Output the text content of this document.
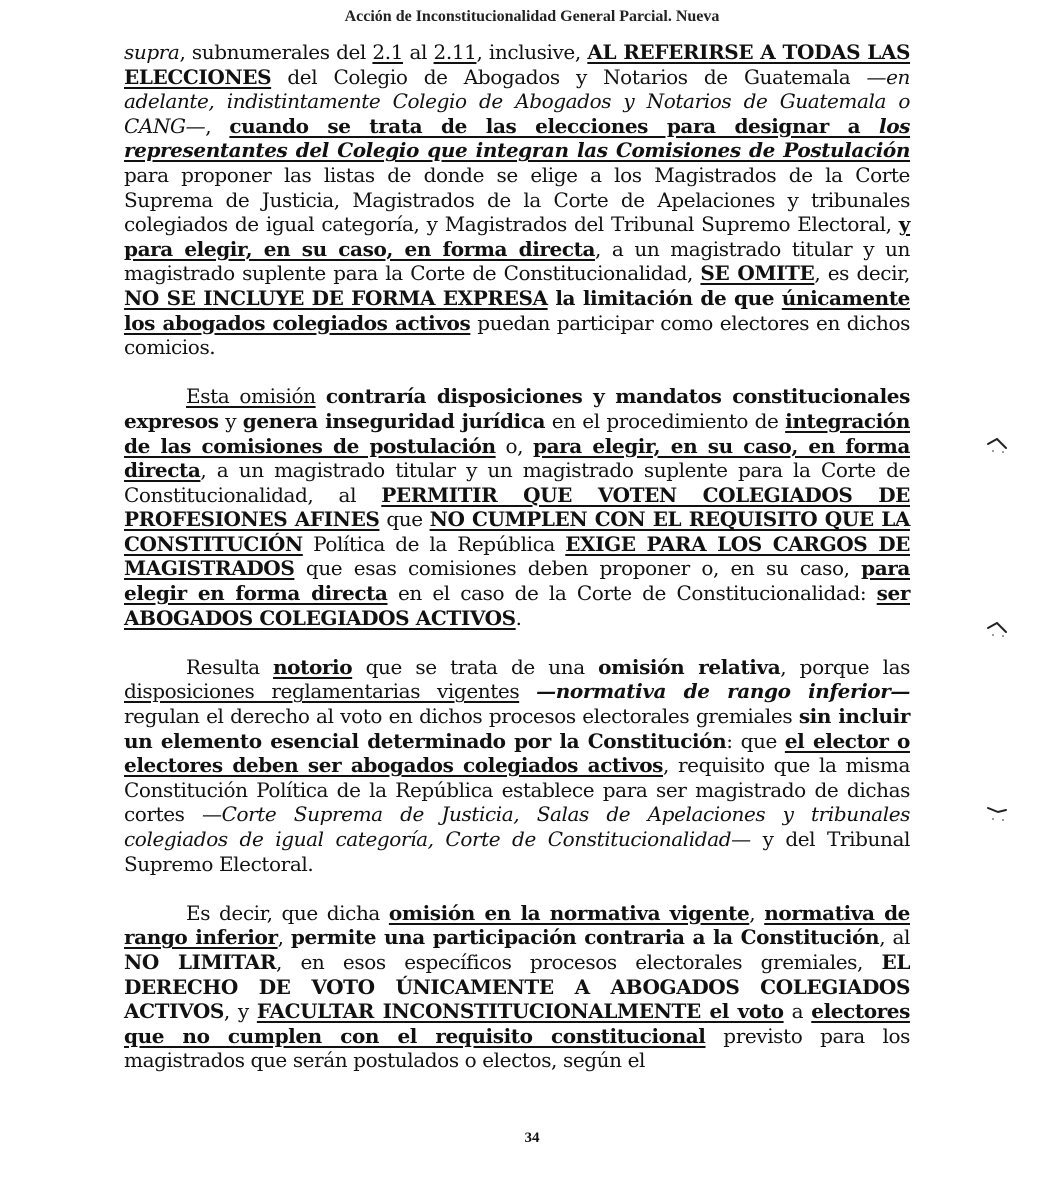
Acción de Inconstitucionalidad General Parcial. Nueva

supra, subnumerales del 2.1 al 2.11, inclusive, AL REFERIRSE A TODAS LAS ELECCIONES del Colegio de Abogados y Notarios de Guatemala —en adelante, indistintamente Colegio de Abogados y Notarios de Guatemala o CANG—, cuando se trata de las elecciones para designar a los representantes del Colegio que integran las Comisiones de Postulación para proponer las listas de donde se elige a los Magistrados de la Corte Suprema de Justicia, Magistrados de la Corte de Apelaciones y tribunales colegiados de igual categoría, y Magistrados del Tribunal Supremo Electoral, y para elegir, en su caso, en forma directa, a un magistrado titular y un magistrado suplente para la Corte de Constitucionalidad, SE OMITE, es decir, NO SE INCLUYE DE FORMA EXPRESA la limitación de que únicamente los abogados colegiados activos puedan participar como electores en dichos comicios.

Esta omisión contraría disposiciones y mandatos constitucionales expresos y genera inseguridad jurídica en el procedimiento de integración de las comisiones de postulación o, para elegir, en su caso, en forma directa, a un magistrado titular y un magistrado suplente para la Corte de Constitucionalidad, al PERMITIR QUE VOTEN COLEGIADOS DE PROFESIONES AFINES que NO CUMPLEN CON EL REQUISITO QUE LA CONSTITUCIÓN Política de la República EXIGE PARA LOS CARGOS DE MAGISTRADOS que esas comisiones deben proponer o, en su caso, para elegir en forma directa en el caso de la Corte de Constitucionalidad: ser ABOGADOS COLEGIADOS ACTIVOS.

Resulta notorio que se trata de una omisión relativa, porque las disposiciones reglamentarias vigentes —normativa de rango inferior— regulan el derecho al voto en dichos procesos electorales gremiales sin incluir un elemento esencial determinado por la Constitución: que el elector o electores deben ser abogados colegiados activos, requisito que la misma Constitución Política de la República establece para ser magistrado de dichas cortes —Corte Suprema de Justicia, Salas de Apelaciones y tribunales colegiados de igual categoría, Corte de Constitucionalidad— y del Tribunal Supremo Electoral.

Es decir, que dicha omisión en la normativa vigente, normativa de rango inferior, permite una participación contraria a la Constitución, al NO LIMITAR, en esos específicos procesos electorales gremiales, EL DERECHO DE VOTO ÚNICAMENTE A ABOGADOS COLEGIADOS ACTIVOS, y FACULTAR INCONSTITUCIONALMENTE el voto a electores que no cumplen con el requisito constitucional previsto para los magistrados que serán postulados o electos, según el

34
